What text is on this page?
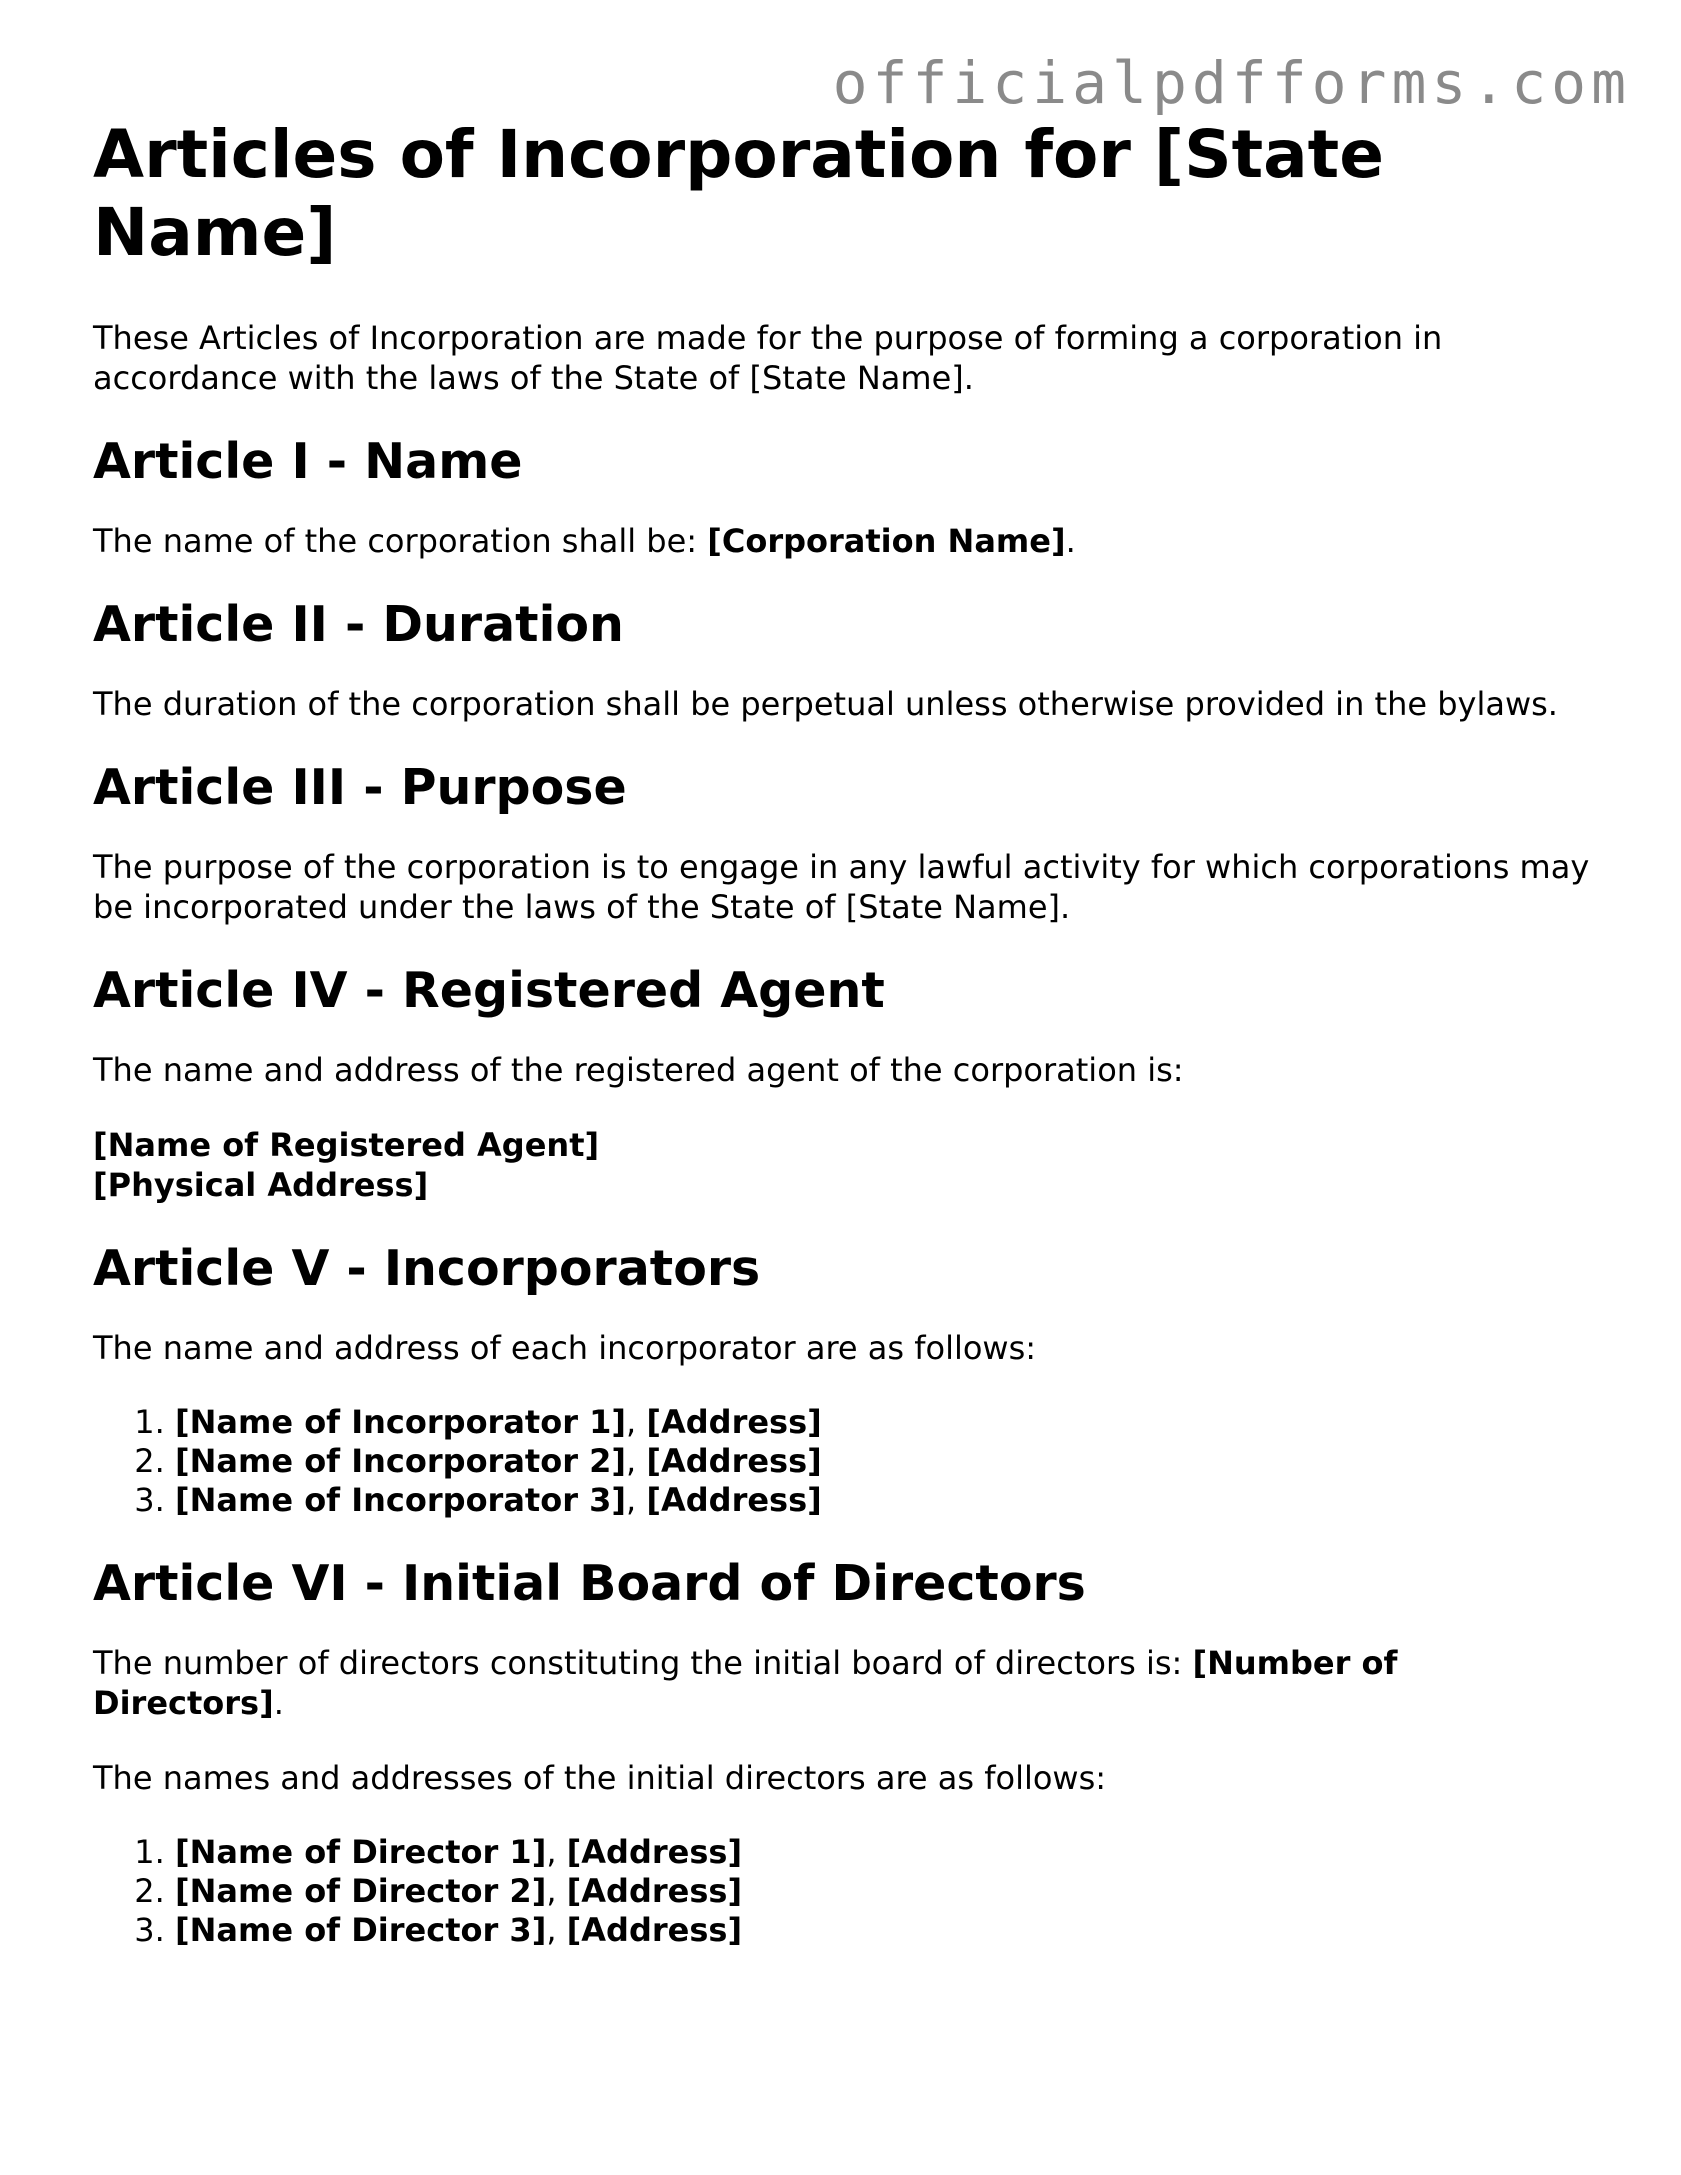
officialpdfforms.com
Articles of Incorporation for [State Name]

These Articles of Incorporation are made for the purpose of forming a corporation in accordance with the laws of the State of [State Name].

Article I - Name

The name of the corporation shall be: [Corporation Name].

Article II - Duration

The duration of the corporation shall be perpetual unless otherwise provided in the bylaws.

Article III - Purpose

The purpose of the corporation is to engage in any lawful activity for which corporations may be incorporated under the laws of the State of [State Name].

Article IV - Registered Agent

The name and address of the registered agent of the corporation is:

[Name of Registered Agent]
[Physical Address]
Article V - Incorporators

The name and address of each incorporator are as follows:

1. [Name of Incorporator 1], [Address]
2. [Name of Incorporator 2], [Address]
3. [Name of Incorporator 3], [Address]
Article VI - Initial Board of Directors

The number of directors constituting the initial board of directors is: [Number of Directors].

The names and addresses of the initial directors are as follows:

1. [Name of Director 1], [Address]
2. [Name of Director 2], [Address]
3. [Name of Director 3], [Address]
